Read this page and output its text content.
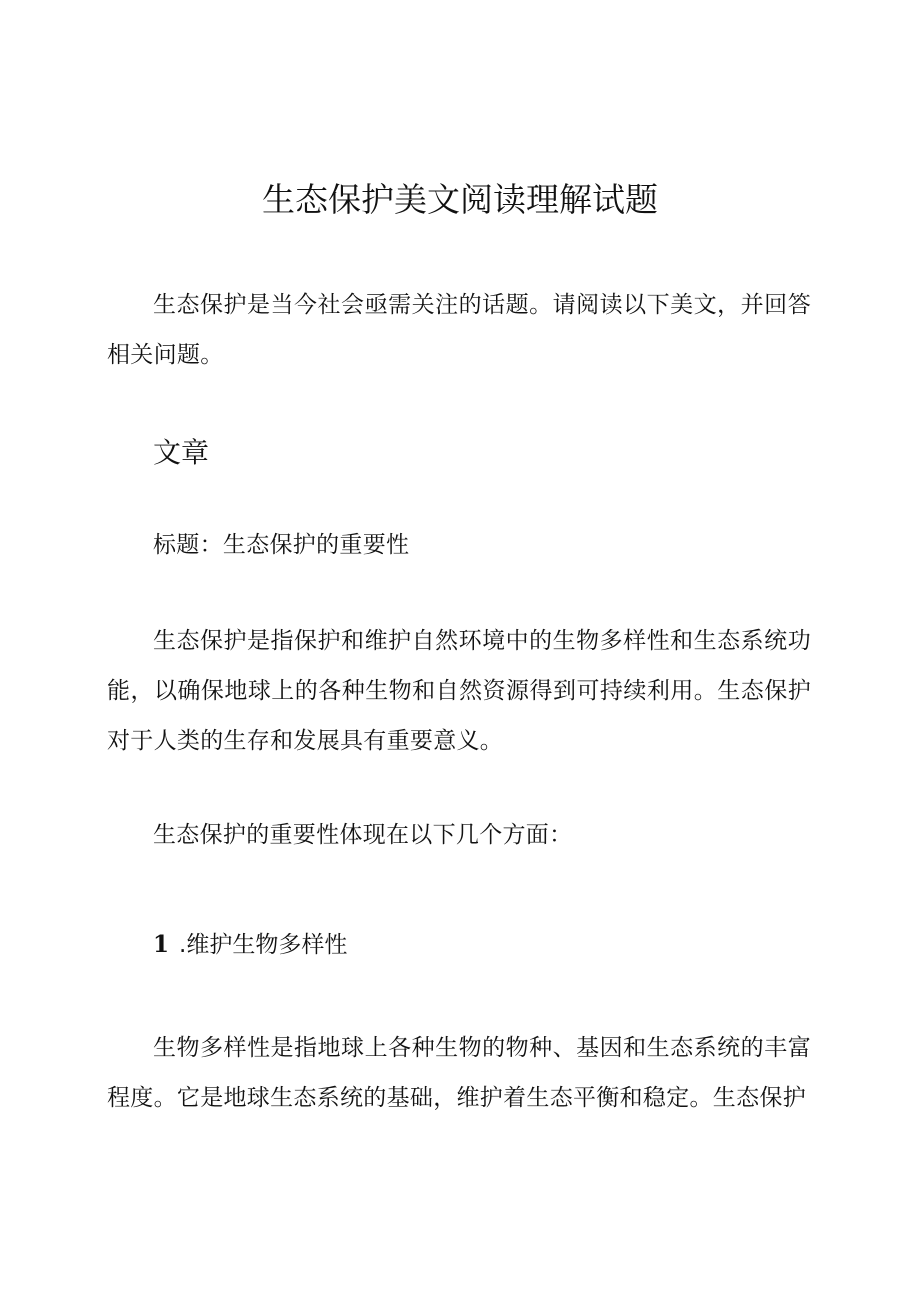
生态保护美文阅读理解试题

生态保护是当今社会亟需关注的话题。请阅读以下美文，并回答相关问题。

文章

标题：生态保护的重要性

生态保护是指保护和维护自然环境中的生物多样性和生态系统功能，以确保地球上的各种生物和自然资源得到可持续利用。生态保护对于人类的生存和发展具有重要意义。

生态保护的重要性体现在以下几个方面：

1 .维护生物多样性

生物多样性是指地球上各种生物的物种、基因和生态系统的丰富程度。它是地球生态系统的基础，维护着生态平衡和稳定。生态保护
